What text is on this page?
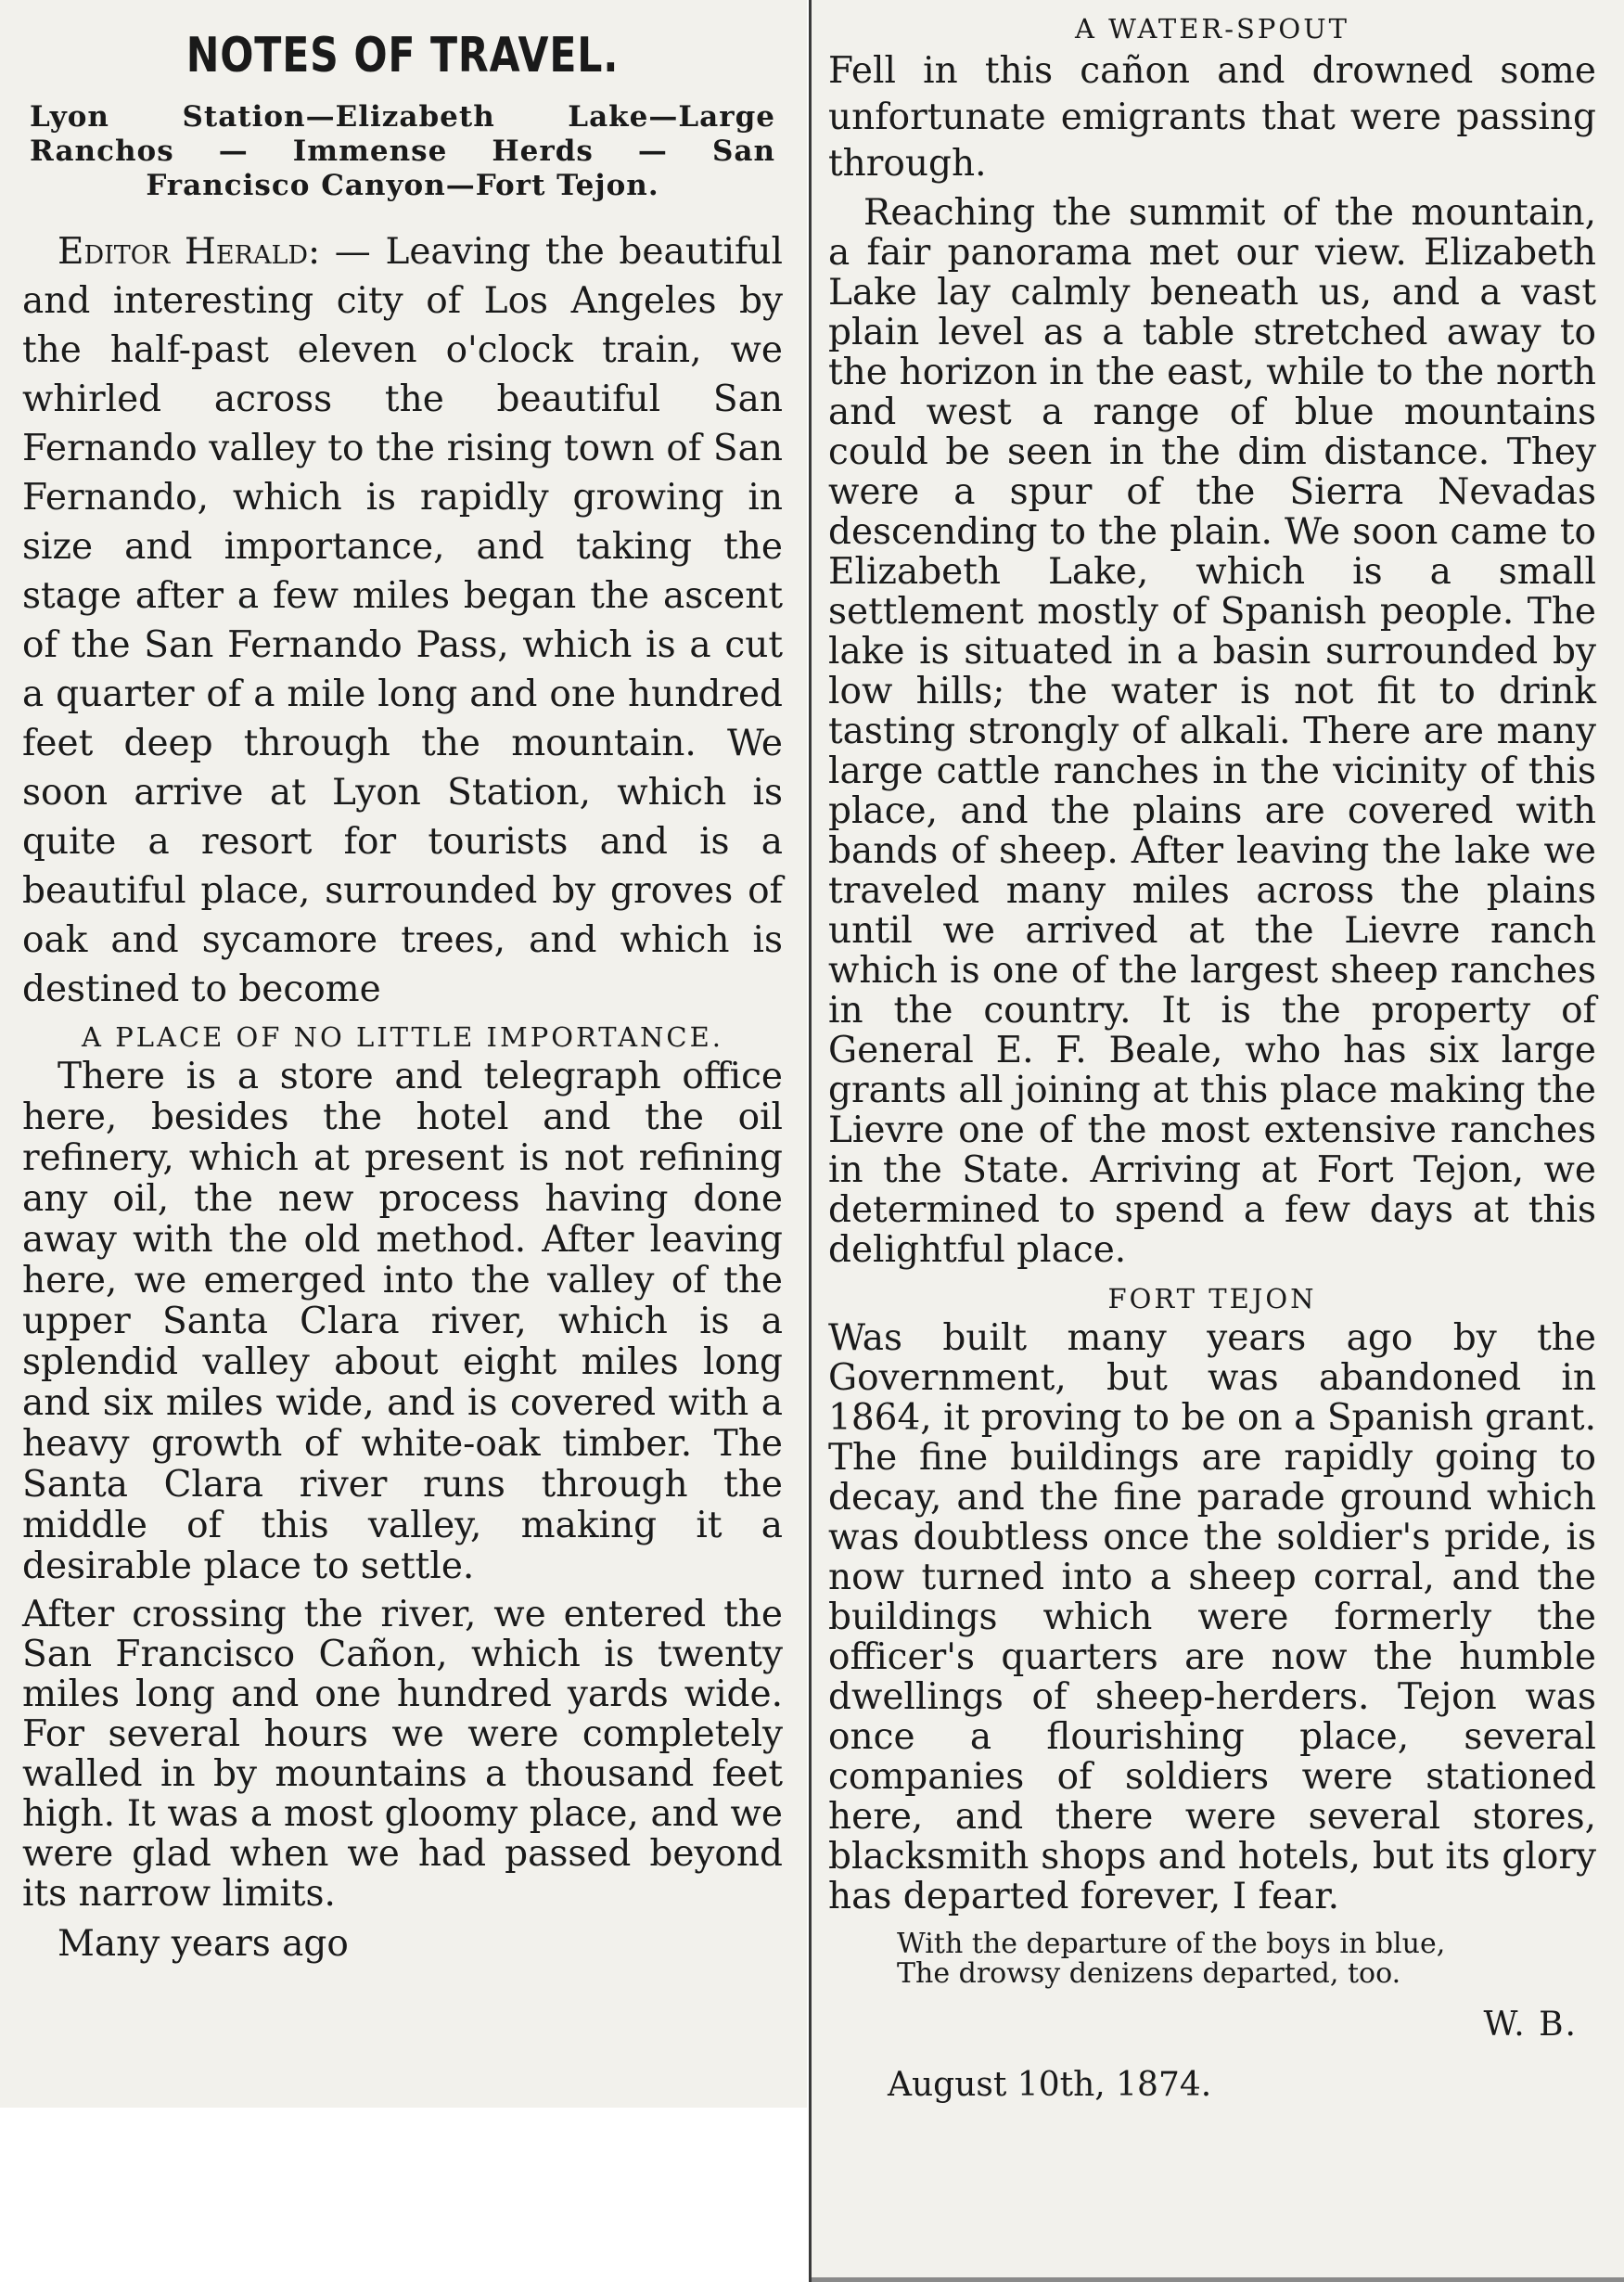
NOTES OF TRAVEL.
Lyon Station—Elizabeth Lake—Large Ranchos — Immense Herds — San Francisco Canyon—Fort Tejon.

Editor Herald: — Leaving the beautiful and interesting city of Los Angeles by the half-past eleven o'clock train, we whirled across the beautiful San Fernando valley to the rising town of San Fernando, which is rapidly growing in size and importance, and taking the stage after a few miles began the ascent of the San Fernando Pass, which is a cut a quarter of a mile long and one hundred feet deep through the mountain. We soon arrive at Lyon Station, which is quite a resort for tourists and is a beautiful place, surrounded by groves of oak and sycamore trees, and which is destined to become

A PLACE OF NO LITTLE IMPORTANCE.

There is a store and telegraph office here, besides the hotel and the oil refinery, which at present is not refining any oil, the new process having done away with the old method. After leaving here, we emerged into the valley of the upper Santa Clara river, which is a splendid valley about eight miles long and six miles wide, and is covered with a heavy growth of white-oak timber. The Santa Clara river runs through the middle of this valley, making it a desirable place to settle.

After crossing the river, we entered the San Francisco Cañon, which is twenty miles long and one hundred yards wide. For several hours we were completely walled in by mountains a thousand feet high. It was a most gloomy place, and we were glad when we had passed beyond its narrow limits.

Many years ago

A WATER-SPOUT

Fell in this cañon and drowned some unfortunate emigrants that were passing through.

Reaching the summit of the mountain, a fair panorama met our view. Elizabeth Lake lay calmly beneath us, and a vast plain level as a table stretched away to the horizon in the east, while to the north and west a range of blue mountains could be seen in the dim distance. They were a spur of the Sierra Nevadas descending to the plain. We soon came to Elizabeth Lake, which is a small settlement mostly of Spanish people. The lake is situated in a basin surrounded by low hills; the water is not fit to drink tasting strongly of alkali. There are many large cattle ranches in the vicinity of this place, and the plains are covered with bands of sheep. After leaving the lake we traveled many miles across the plains until we arrived at the Lievre ranch which is one of the largest sheep ranches in the country. It is the property of General E. F. Beale, who has six large grants all joining at this place making the Lievre one of the most extensive ranches in the State. Arriving at Fort Tejon, we determined to spend a few days at this delightful place.

FORT TEJON

Was built many years ago by the Government, but was abandoned in 1864, it proving to be on a Spanish grant. The fine buildings are rapidly going to decay, and the fine parade ground which was doubtless once the soldier's pride, is now turned into a sheep corral, and the buildings which were formerly the officer's quarters are now the humble dwellings of sheep-herders. Tejon was once a flourishing place, several companies of soldiers were stationed here, and there were several stores, blacksmith shops and hotels, but its glory has departed forever, I fear.

With the departure of the boys in blue,
The drowsy denizens departed, too.
W. B.
August 10th, 1874.
